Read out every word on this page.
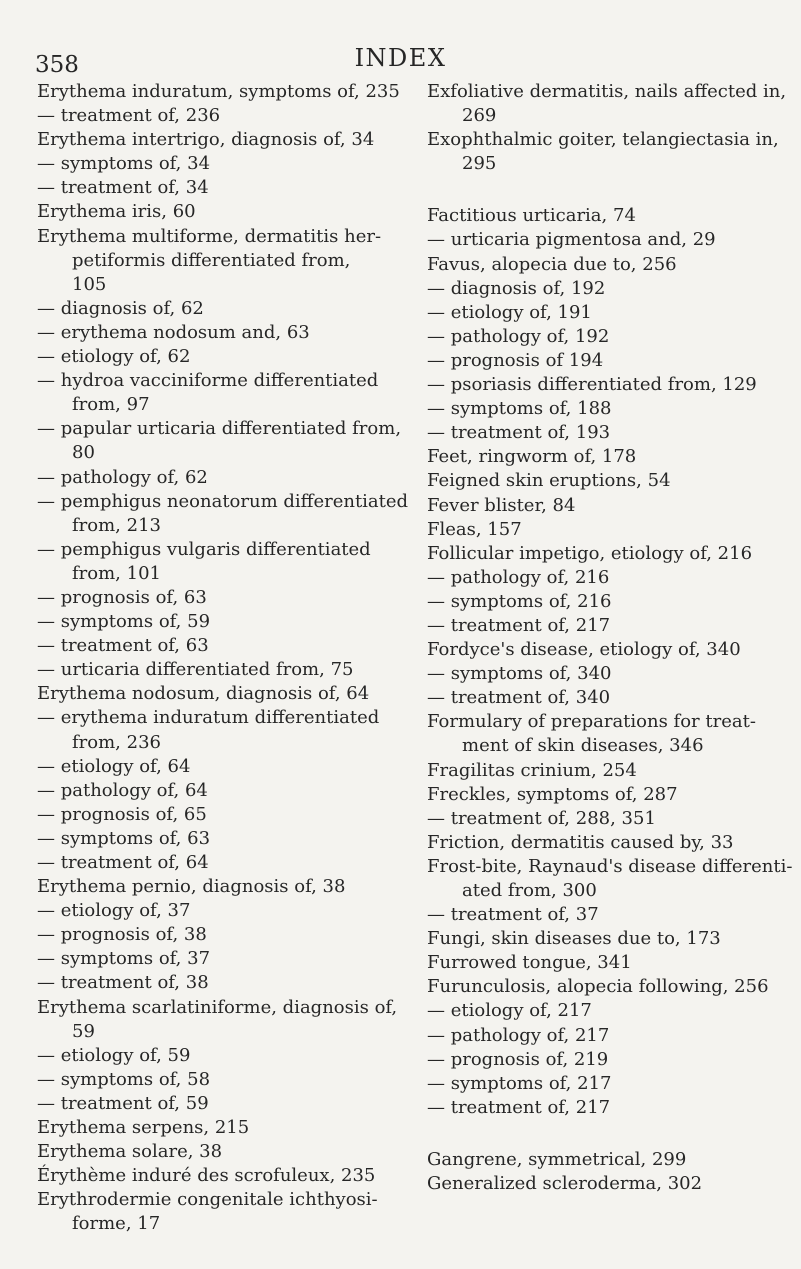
358	INDEX
Erythema induratum, symptoms of, 235
— treatment of, 236
Erythema intertrigo, diagnosis of, 34
— symptoms of, 34
— treatment of, 34
Erythema iris, 60
Erythema multiforme, dermatitis her-
petiformis differentiated from,
105
— diagnosis of, 62
— erythema nodosum and, 63
— etiology of, 62
— hydroa vacciniforme differentiated
from, 97
— papular urticaria differentiated from,
80
— pathology of, 62
— pemphigus neonatorum differentiated
from, 213
— pemphigus vulgaris differentiated
from, 101
— prognosis of, 63
— symptoms of, 59
— treatment of, 63
— urticaria differentiated from, 75
Erythema nodosum, diagnosis of, 64
— erythema induratum differentiated
from, 236
— etiology of, 64
— pathology of, 64
— prognosis of, 65
— symptoms of, 63
— treatment of, 64
Erythema pernio, diagnosis of, 38
— etiology of, 37
— prognosis of, 38
— symptoms of, 37
— treatment of, 38
Erythema scarlatiniforme, diagnosis of,
59
— etiology of, 59
— symptoms of, 58
— treatment of, 59
Erythema serpens, 215
Erythema solare, 38
Érythème induré des scrofuleux, 235
Erythrodermie congenitale ichthyosi-
forme, 17
Exfoliative dermatitis, nails affected in,
269
Exophthalmic goiter, telangiectasia in,
295
Factitious urticaria, 74
— urticaria pigmentosa and, 29
Favus, alopecia due to, 256
— diagnosis of, 192
— etiology of, 191
— pathology of, 192
— prognosis of 194
— psoriasis differentiated from, 129
— symptoms of, 188
— treatment of, 193
Feet, ringworm of, 178
Feigned skin eruptions, 54
Fever blister, 84
Fleas, 157
Follicular impetigo, etiology of, 216
— pathology of, 216
— symptoms of, 216
— treatment of, 217
Fordyce's disease, etiology of, 340
— symptoms of, 340
— treatment of, 340
Formulary of preparations for treat-
ment of skin diseases, 346
Fragilitas crinium, 254
Freckles, symptoms of, 287
— treatment of, 288, 351
Friction, dermatitis caused by, 33
Frost-bite, Raynaud's disease differenti-
ated from, 300
— treatment of, 37
Fungi, skin diseases due to, 173
Furrowed tongue, 341
Furunculosis, alopecia following, 256
— etiology of, 217
— pathology of, 217
— prognosis of, 219
— symptoms of, 217
— treatment of, 217
Gangrene, symmetrical, 299
Generalized scleroderma, 302
